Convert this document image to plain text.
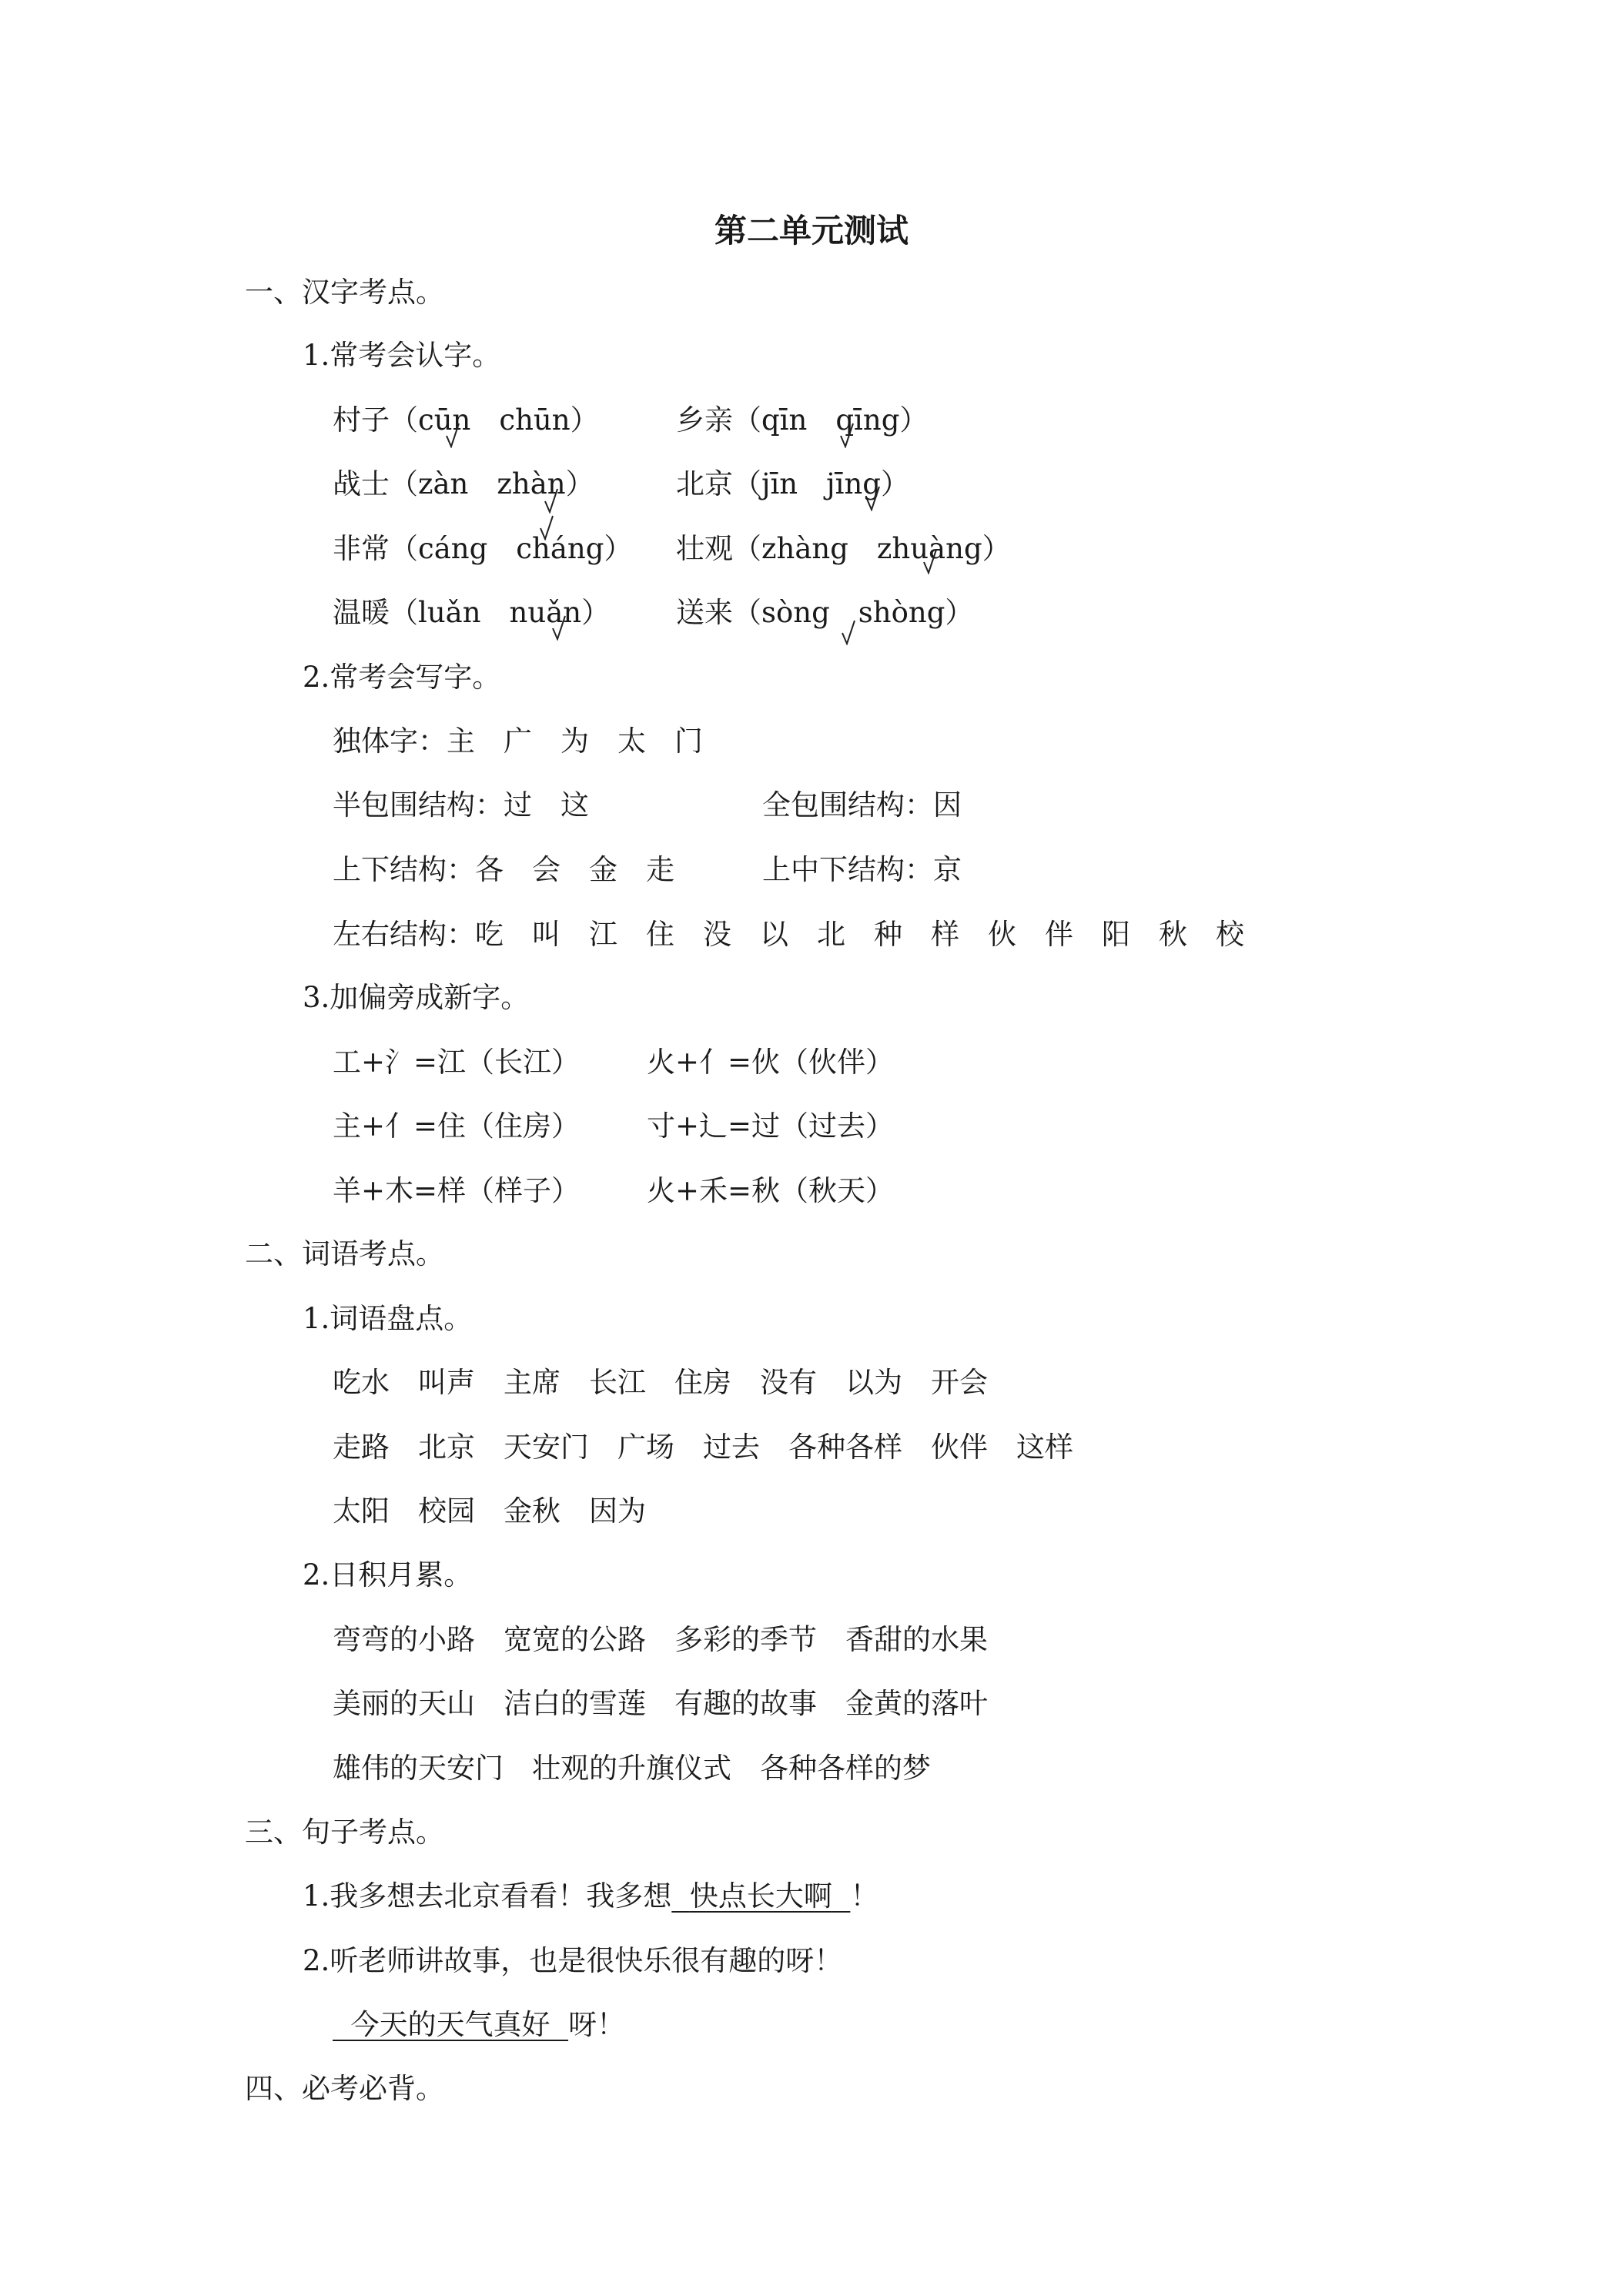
第二单元测试
一、汉字考点。
1.常考会认字。
村子（cūn　chūn）	乡亲（qīn　qīng）
战士（zàn　zhàn）	北京（jīn　jīng）
非常（cáng　cháng） 壮观（zhàng　zhuàng）
温暖（luǎn　nuǎn） 送来（sòng　shòng）
2.常考会写字。
独体字：主　广　为　太　门
半包围结构：过　这	全包围结构：因
上下结构：各　会　金　走	上中下结构：京
左右结构：吃　叫　江　住　没　以　北　种　样　伙　伴　阳　秋　校
3.加偏旁成新字。
工+氵=江（长江） 火+亻=伙（伙伴）
主+亻=住（住房） 寸+辶=过（过去）
羊+木=样（样子） 火+禾=秋（秋天）
二、词语考点。
1.词语盘点。
吃水　叫声　主席　长江　住房　没有　以为　开会
走路　北京　天安门　广场　过去　各种各样　伙伴　这样
太阳　校园　金秋　因为
2.日积月累。
弯弯的小路　宽宽的公路　多彩的季节　香甜的水果
美丽的天山　洁白的雪莲　有趣的故事　金黄的落叶
雄伟的天安门　壮观的升旗仪式　各种各样的梦
三、句子考点。
1.我多想去北京看看！我多想 快点长大啊 ！
2.听老师讲故事，也是很快乐很有趣的呀！
今天的天气真好 呀！
四、必考必背。
